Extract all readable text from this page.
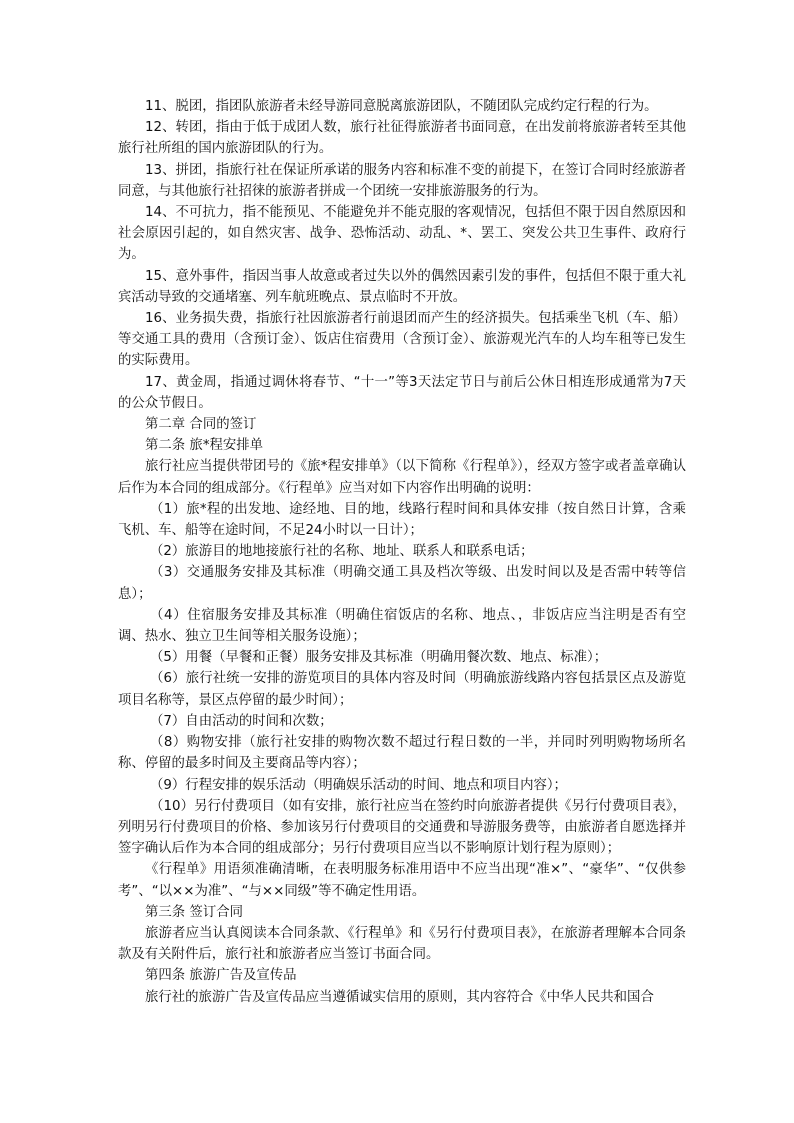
11、脱团，指团队旅游者未经导游同意脱离旅游团队，不随团队完成约定行程的行为。

12、转团，指由于低于成团人数，旅行社征得旅游者书面同意，在出发前将旅游者转至其他旅行社所组的国内旅游团队的行为。

13、拼团，指旅行社在保证所承诺的服务内容和标准不变的前提下，在签订合同时经旅游者同意，与其他旅行社招徕的旅游者拼成一个团统一安排旅游服务的行为。

14、不可抗力，指不能预见、不能避免并不能克服的客观情况，包括但不限于因自然原因和社会原因引起的，如自然灾害、战争、恐怖活动、动乱、*、罢工、突发公共卫生事件、政府行为。

15、意外事件，指因当事人故意或者过失以外的偶然因素引发的事件，包括但不限于重大礼宾活动导致的交通堵塞、列车航班晚点、景点临时不开放。

16、业务损失费，指旅行社因旅游者行前退团而产生的经济损失。包括乘坐飞机（车、船）等交通工具的费用（含预订金）、饭店住宿费用（含预订金）、旅游观光汽车的人均车租等已发生的实际费用。

17、黄金周，指通过调休将春节、“十一”等3天法定节日与前后公休日相连形成通常为7天的公众节假日。

第二章 合同的签订

第二条 旅*程安排单

旅行社应当提供带团号的《旅*程安排单》（以下简称《行程单》），经双方签字或者盖章确认后作为本合同的组成部分。《行程单》应当对如下内容作出明确的说明：

（1）旅*程的出发地、途经地、目的地，线路行程时间和具体安排（按自然日计算，含乘飞机、车、船等在途时间，不足24小时以一日计）；

（2）旅游目的地地接旅行社的名称、地址、联系人和联系电话；

（3）交通服务安排及其标准（明确交通工具及档次等级、出发时间以及是否需中转等信息）；

（4）住宿服务安排及其标准（明确住宿饭店的名称、地点、，非饭店应当注明是否有空调、热水、独立卫生间等相关服务设施）；

（5）用餐（早餐和正餐）服务安排及其标准（明确用餐次数、地点、标准）；

（6）旅行社统一安排的游览项目的具体内容及时间（明确旅游线路内容包括景区点及游览项目名称等，景区点停留的最少时间）；

（7）自由活动的时间和次数；

（8）购物安排（旅行社安排的购物次数不超过行程日数的一半，并同时列明购物场所名称、停留的最多时间及主要商品等内容）；

（9）行程安排的娱乐活动（明确娱乐活动的时间、地点和项目内容）；

（10）另行付费项目（如有安排，旅行社应当在签约时向旅游者提供《另行付费项目表》，列明另行付费项目的价格、参加该另行付费项目的交通费和导游服务费等，由旅游者自愿选择并签字确认后作为本合同的组成部分；另行付费项目应当以不影响原计划行程为原则）；

《行程单》用语须准确清晰，在表明服务标准用语中不应当出现“准×”、“豪华”、“仅供参考”、“以××为准”、“与××同级”等不确定性用语。

第三条 签订合同

旅游者应当认真阅读本合同条款、《行程单》和《另行付费项目表》，在旅游者理解本合同条款及有关附件后，旅行社和旅游者应当签订书面合同。

第四条 旅游广告及宣传品

旅行社的旅游广告及宣传品应当遵循诚实信用的原则，其内容符合《中华人民共和国合
